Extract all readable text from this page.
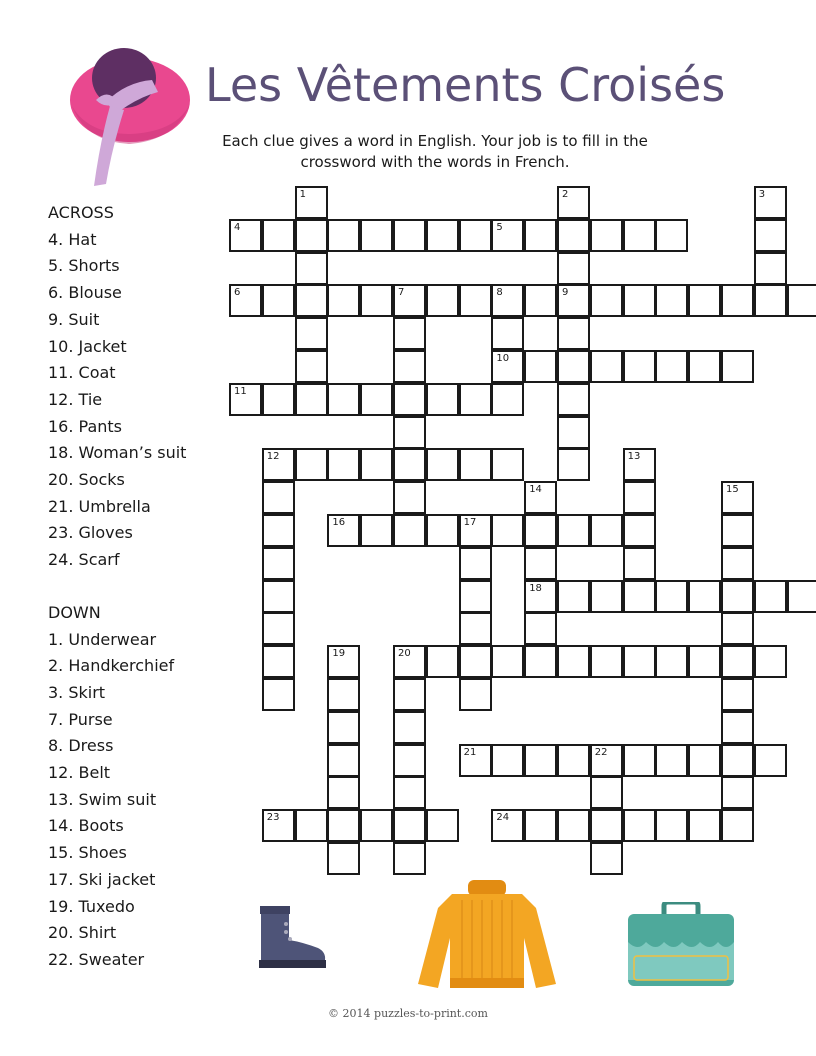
Les Vêtements Croisés
Each clue gives a word in English. Your job is to fill in the
crossword with the words in French.
ACROSS
4. Hat
5. Shorts
6. Blouse
9. Suit
10. Jacket
11. Coat
12. Tie
16. Pants
18. Woman’s suit
20. Socks
21. Umbrella
23. Gloves
24. Scarf
DOWN
1. Underwear
2. Handkerchief
3. Skirt
7. Purse
8. Dress
12. Belt
13. Swim suit
14. Boots
15. Shoes
17. Ski jacket
19. Tuxedo
20. Shirt
22. Sweater
1	2	3
4	5
6	7	8	9
10
11
12	13
14	15
16	17
18
19	20
21	22
23	24
© 2014 puzzles-to-print.com
